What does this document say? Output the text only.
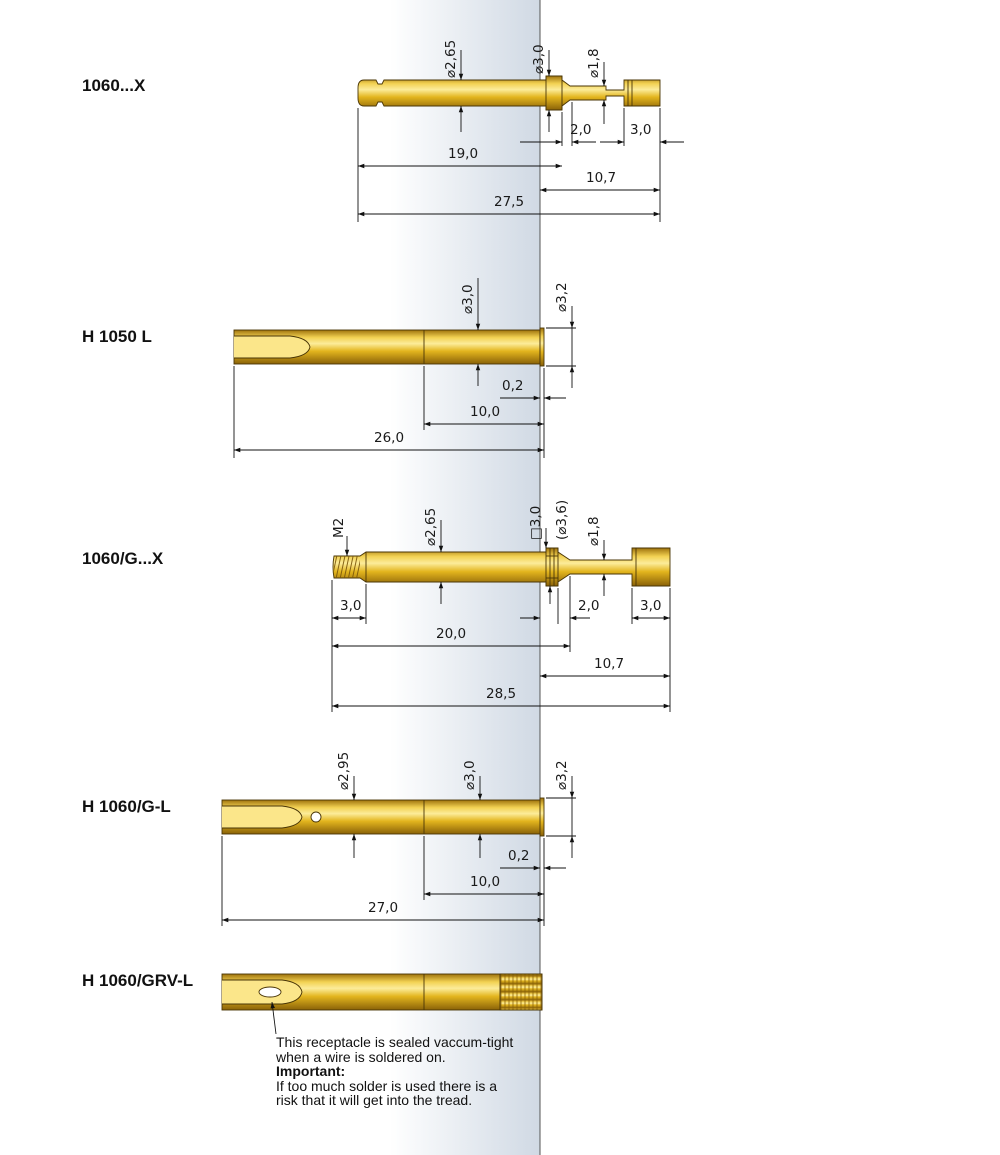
⌀2,65	⌀3,0	⌀1,8
2,0	3,0
19,0
10,7
27,5
⌀3,0	⌀3,2
0,2
10,0
26,0
M2	⌀2,65	□3,0 (⌀3,6) ⌀1,8
3,0	2,0	3,0
20,0
10,7
28,5
⌀2,95	⌀3,0	⌀3,2
0,2
10,0
27,0
1060...X
H 1050 L
1060/G...X
H 1060/G-L
H 1060/GRV-L
This receptacle is sealed vaccum-tight
when a wire is soldered on.
Important:
If too much solder is used there is a
risk that it will get into the tread.
